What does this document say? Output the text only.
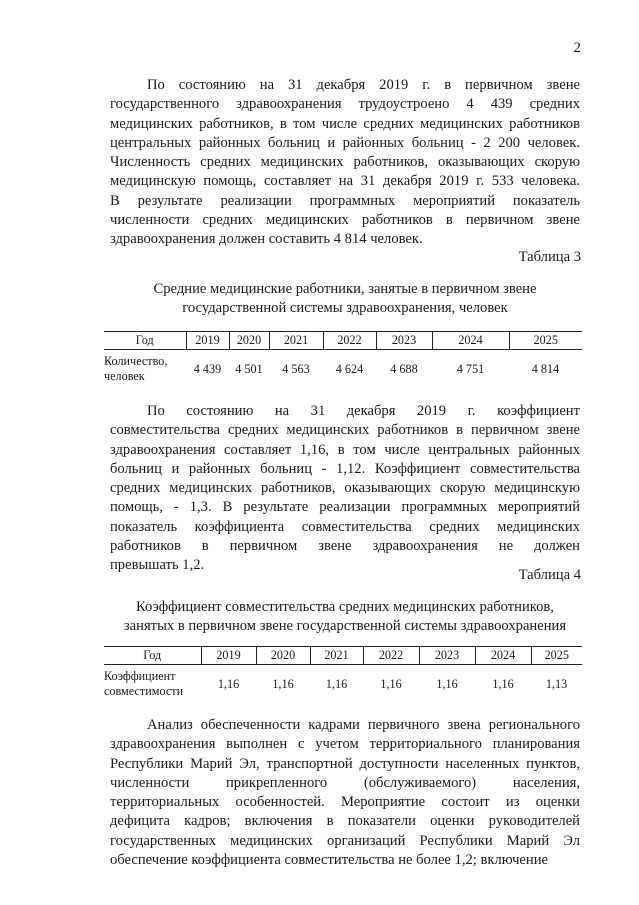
2
По состоянию на 31 декабря 2019 г. в первичном звене
государственного здравоохранения трудоустроено 4 439 средних
медицинских работников, в том числе средних медицинских работников
центральных районных больниц и районных больниц - 2 200 человек.
Численность средних медицинских работников, оказывающих скорую
медицинскую помощь, составляет на 31 декабря 2019 г. 533 человека.
В результате реализации программных мероприятий показатель
численности средних медицинских работников в первичном звене
здравоохранения должен составить 4 814 человек.
Таблица 3
Средние медицинские работники, занятые в первичном звене
государственной системы здравоохранения, человек
Год	2019	2020	2021	2022	2023	2024	2025

Количество,
человек	4 439	4 501	4 563	4 624	4 688	4 751	4 814
По состоянию на 31 декабря 2019 г. коэффициент
совместительства средних медицинских работников в первичном звене
здравоохранения составляет 1,16, в том числе центральных районных
больниц и районных больниц - 1,12. Коэффициент совместительства
средних медицинских работников, оказывающих скорую медицинскую
помощь, - 1,3. В результате реализации программных мероприятий
показатель коэффициента совместительства средних медицинских
работников в первичном звене здравоохранения не должен
превышать 1,2.
Таблица 4
Коэффициент совместительства средних медицинских работников,
занятых в первичном звене государственной системы здравоохранения
Год	2019	2020	2021	2022	2023	2024	2025

Коэффициент
совместимости	1,16	1,16	1,16	1,16	1,16	1,16	1,13
Анализ обеспеченности кадрами первичного звена регионального
здравоохранения выполнен с учетом территориального планирования
Республики Марий Эл, транспортной доступности населенных пунктов,
численности прикрепленного (обслуживаемого) населения,
территориальных особенностей. Мероприятие состоит из оценки
дефицита кадров; включения в показатели оценки руководителей
государственных медицинских организаций Республики Марий Эл
обеспечение коэффициента совместительства не более 1,2; включение
